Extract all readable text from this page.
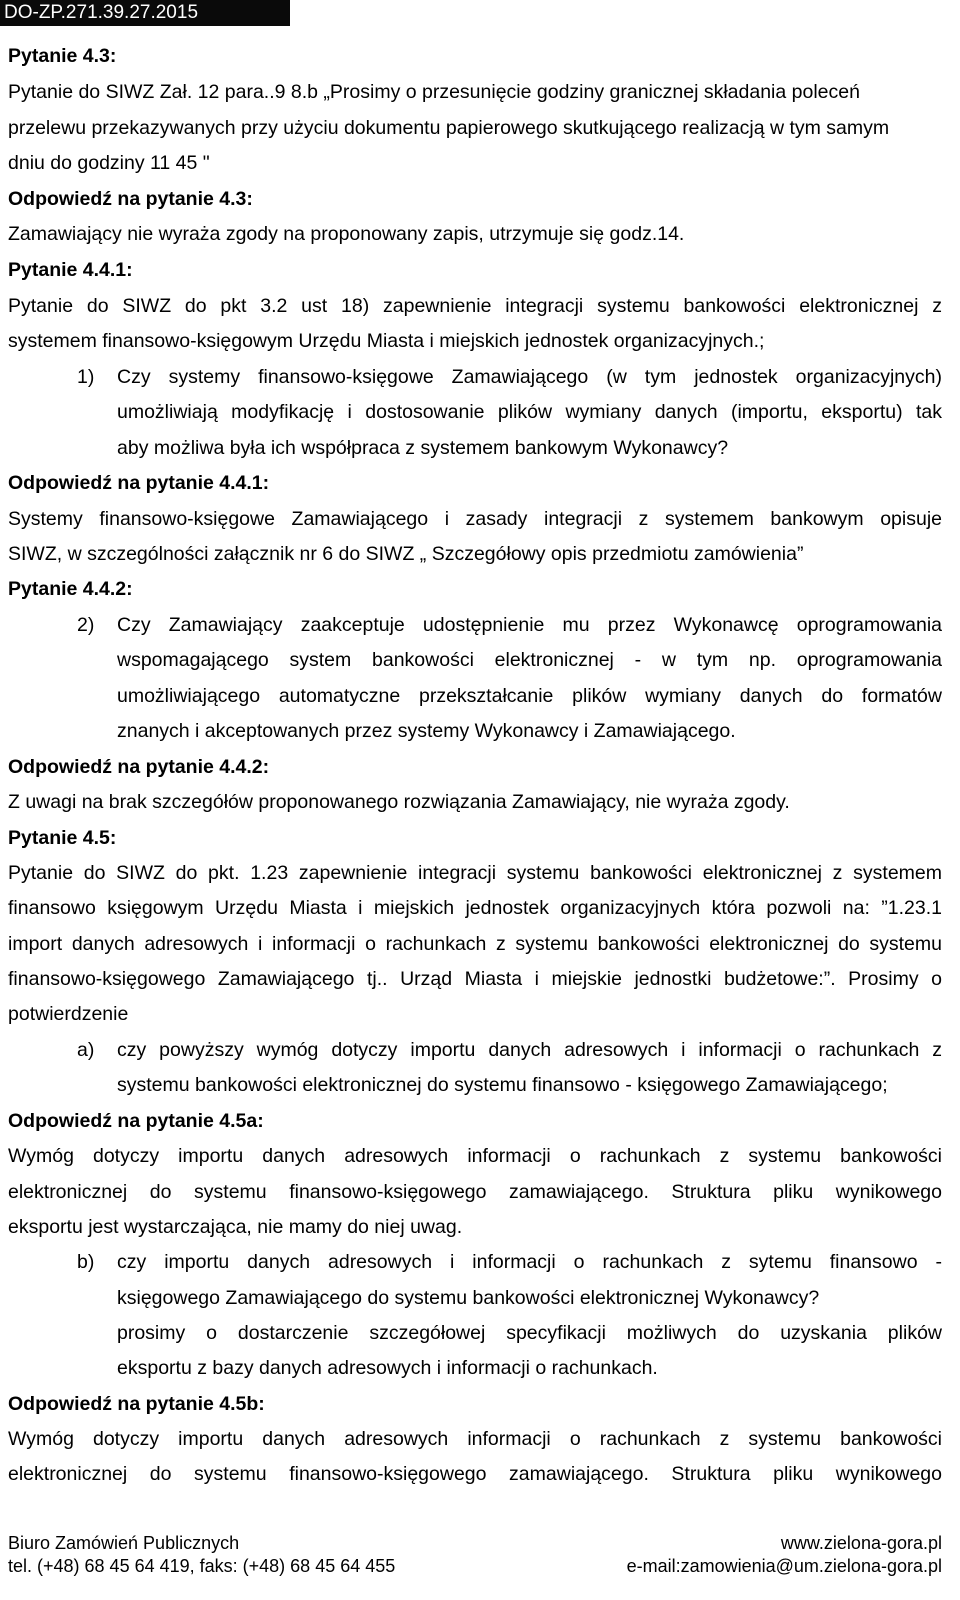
DO-ZP.271.39.27.2015
Pytanie 4.3:
Pytanie do SIWZ Zał. 12 para..9 8.b „Prosimy o przesunięcie godziny granicznej składania poleceń
przelewu przekazywanych przy użyciu dokumentu papierowego skutkującego realizacją w tym samym
dniu do godziny 11 45 "
Odpowiedź na pytanie 4.3:
Zamawiający nie wyraża zgody na proponowany zapis, utrzymuje się godz.14.
Pytanie 4.4.1:
Pytanie do SIWZ do pkt 3.2 ust 18) zapewnienie integracji systemu bankowości elektronicznej z
systemem finansowo-księgowym Urzędu Miasta i miejskich jednostek organizacyjnych.;
1) Czy systemy finansowo-księgowe Zamawiającego (w tym jednostek organizacyjnych)
umożliwiają modyfikację i dostosowanie plików wymiany danych (importu, eksportu) tak
aby możliwa była ich współpraca z systemem bankowym Wykonawcy?
Odpowiedź na pytanie 4.4.1:
Systemy finansowo-księgowe Zamawiającego i zasady integracji z systemem bankowym opisuje
SIWZ, w szczególności załącznik nr 6 do SIWZ „ Szczegółowy opis przedmiotu zamówienia”
Pytanie 4.4.2:
2) Czy Zamawiający zaakceptuje udostępnienie mu przez Wykonawcę oprogramowania
wspomagającego system bankowości elektronicznej - w tym np. oprogramowania
umożliwiającego automatyczne przekształcanie plików wymiany danych do formatów
znanych i akceptowanych przez systemy Wykonawcy i Zamawiającego.
Odpowiedź na pytanie 4.4.2:
Z uwagi na brak szczegółów proponowanego rozwiązania Zamawiający, nie wyraża zgody.
Pytanie 4.5:
Pytanie do SIWZ do pkt. 1.23 zapewnienie integracji systemu bankowości elektronicznej z systemem
finansowo księgowym Urzędu Miasta i miejskich jednostek organizacyjnych która pozwoli na: ”1.23.1
import danych adresowych i informacji o rachunkach z systemu bankowości elektronicznej do systemu
finansowo-księgowego Zamawiającego tj.. Urząd Miasta i miejskie jednostki budżetowe:”. Prosimy o
potwierdzenie
a) czy powyższy wymóg dotyczy importu danych adresowych i informacji o rachunkach z
systemu bankowości elektronicznej do systemu finansowo - księgowego Zamawiającego;
Odpowiedź na pytanie 4.5a:
Wymóg dotyczy importu danych adresowych informacji o rachunkach z systemu bankowości
elektronicznej do systemu finansowo-księgowego zamawiającego. Struktura pliku wynikowego
eksportu jest wystarczająca, nie mamy do niej uwag.
b) czy importu danych adresowych i informacji o rachunkach z sytemu finansowo -
księgowego Zamawiającego do systemu bankowości elektronicznej Wykonawcy?
prosimy o dostarczenie szczegółowej specyfikacji możliwych do uzyskania plików
eksportu z bazy danych adresowych i informacji o rachunkach.
Odpowiedź na pytanie 4.5b:
Wymóg dotyczy importu danych adresowych informacji o rachunkach z systemu bankowości
elektronicznej do systemu finansowo-księgowego zamawiającego. Struktura pliku wynikowego
Biuro Zamówień Publicznych	www.zielona-gora.pl
tel. (+48) 68 45 64 419, faks: (+48) 68 45 64 455	e-mail:zamowienia@um.zielona-gora.pl
